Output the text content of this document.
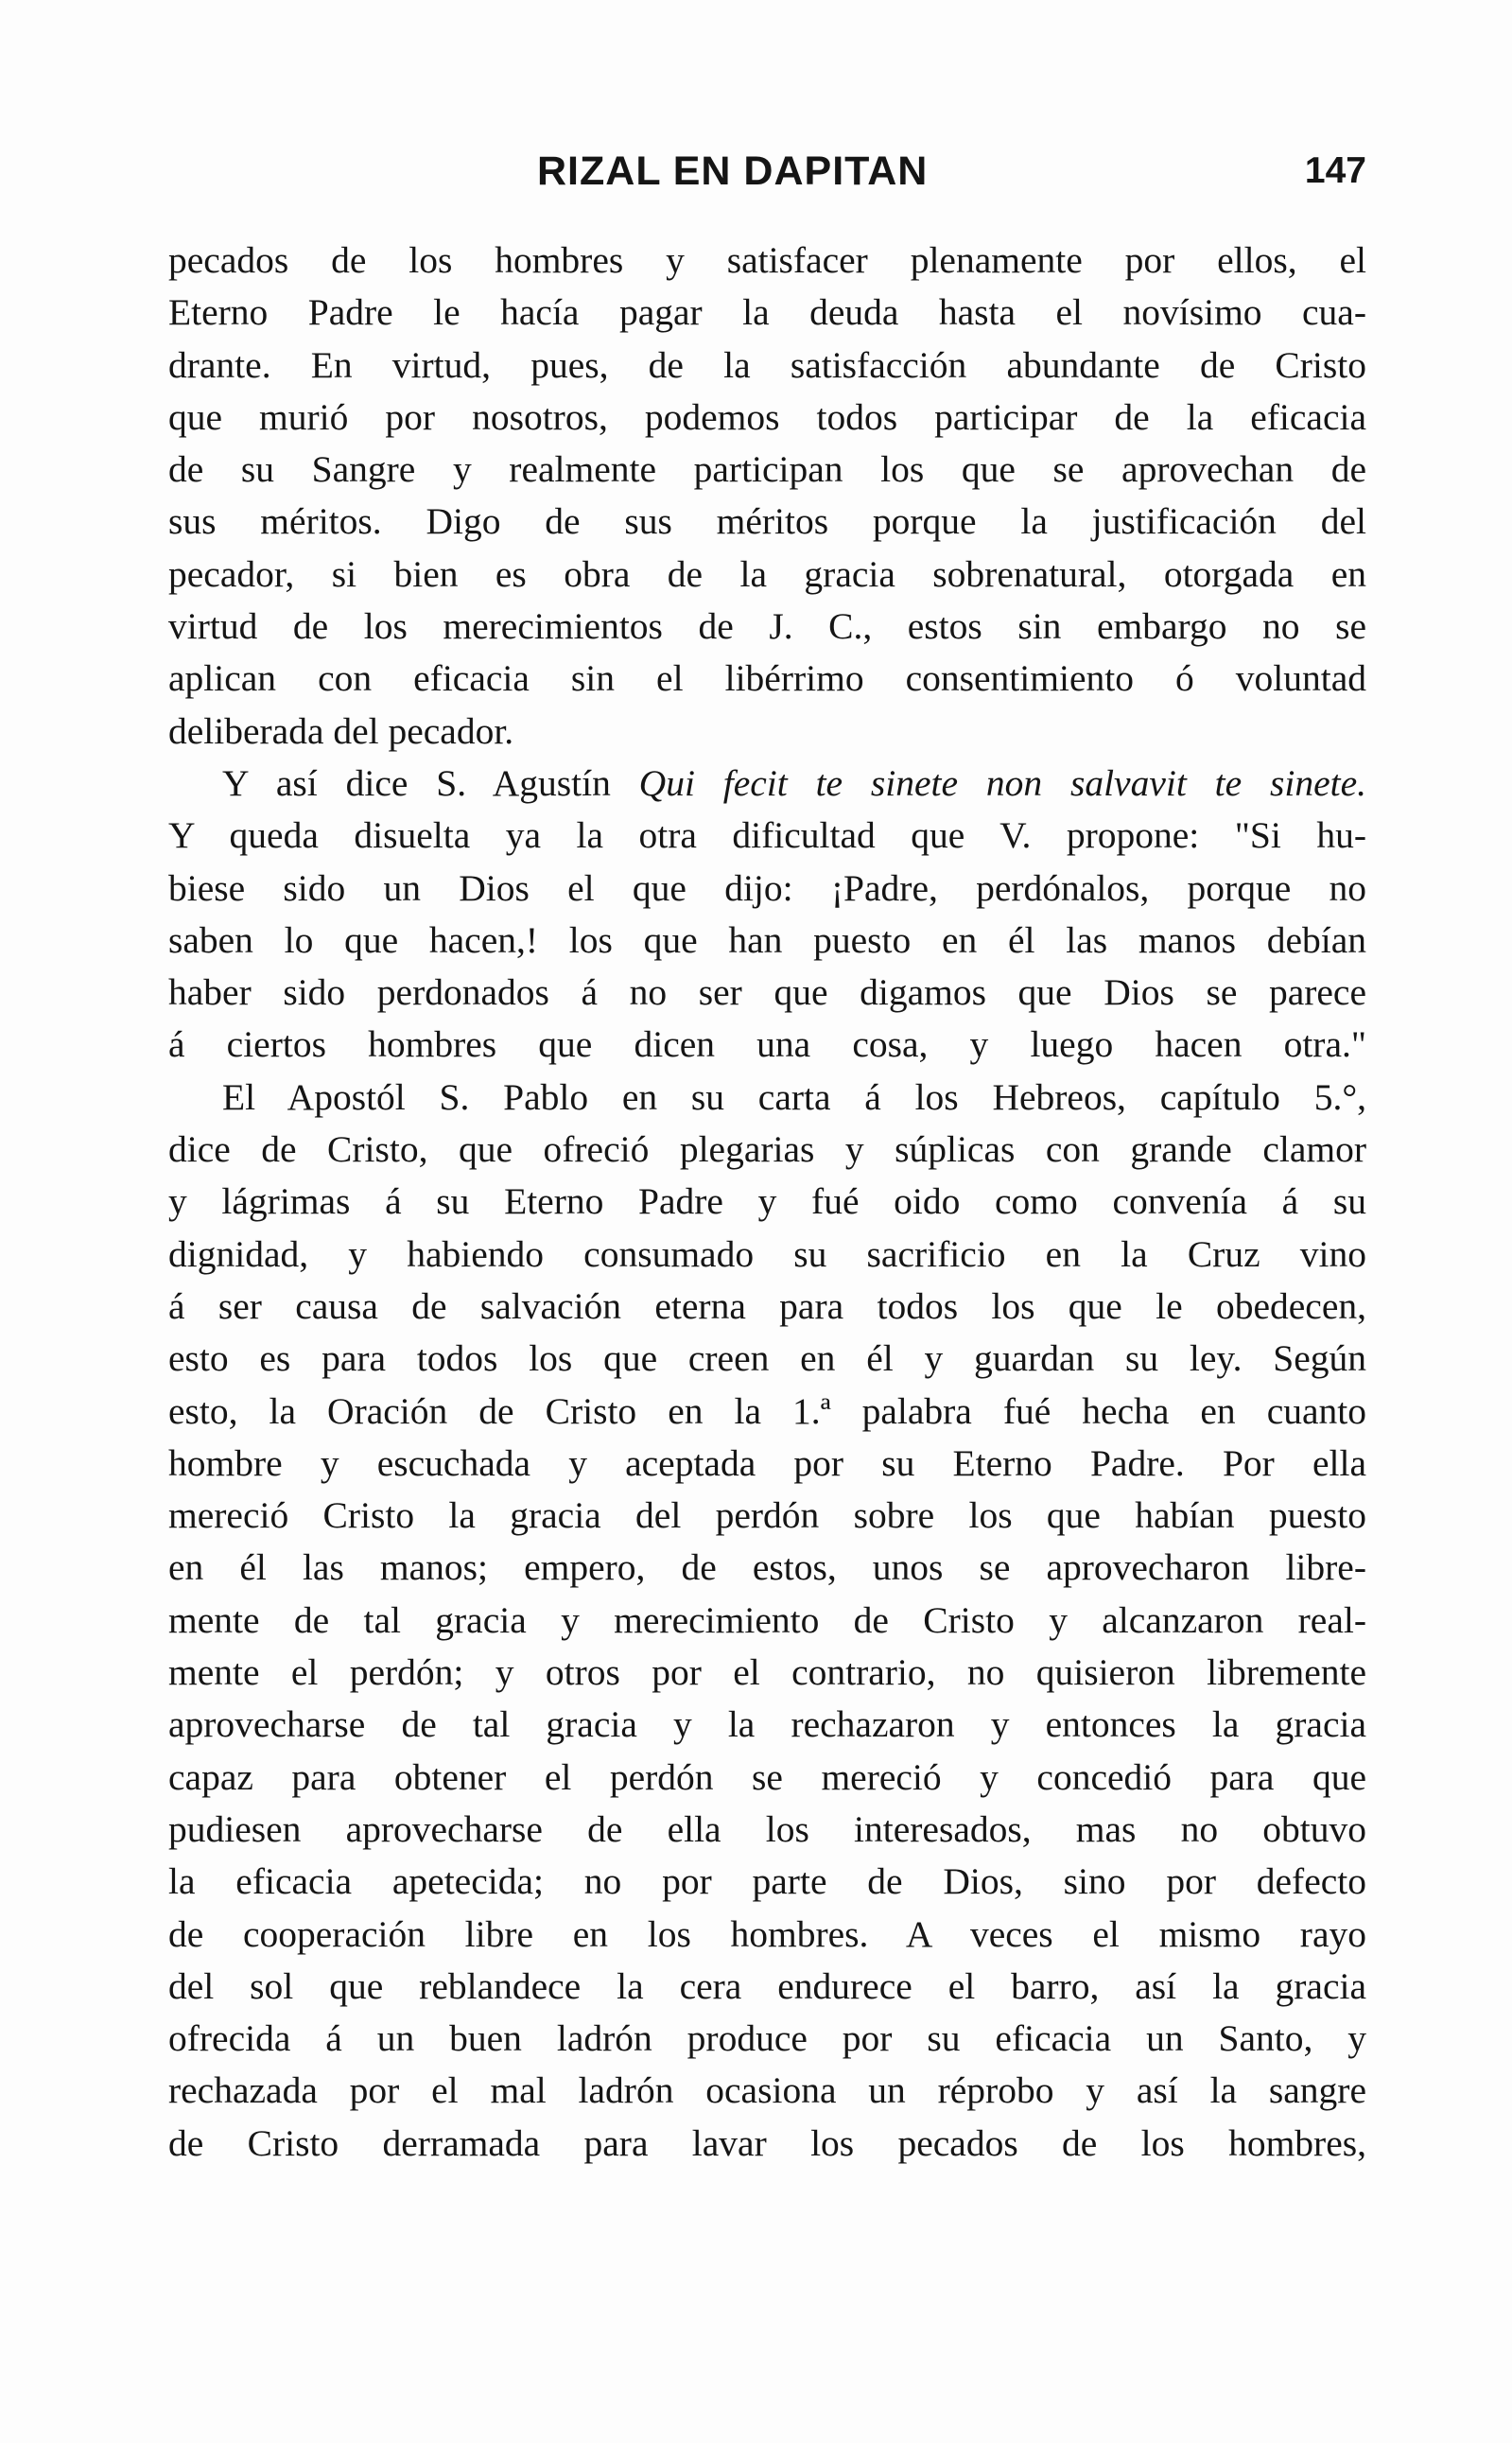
RIZAL EN DAPITAN	147
pecados de los hombres y satisfacer plenamente por ellos, el
Eterno Padre le hacía pagar la deuda hasta el novísimo cua-
drante. En virtud, pues, de la satisfacción abundante de Cristo
que murió por nosotros, podemos todos participar de la eficacia
de su Sangre y realmente participan los que se aprovechan de
sus méritos. Digo de sus méritos porque la justificación del
pecador, si bien es obra de la gracia sobrenatural, otorgada en
virtud de los merecimientos de J. C., estos sin embargo no se
aplican con eficacia sin el libérrimo consentimiento ó voluntad
deliberada del pecador.
Y así dice S. Agustín Qui fecit te sinete non salvavit te sinete.
Y queda disuelta ya la otra dificultad que V. propone: "Si hu-
biese sido un Dios el que dijo: ¡Padre, perdónalos, porque no
saben lo que hacen,! los que han puesto en él las manos debían
haber sido perdonados á no ser que digamos que Dios se parece
á ciertos hombres que dicen una cosa, y luego hacen otra."
El Apostól S. Pablo en su carta á los Hebreos, capítulo 5.°,
dice de Cristo, que ofreció plegarias y súplicas con grande clamor
y lágrimas á su Eterno Padre y fué oido como convenía á su
dignidad, y habiendo consumado su sacrificio en la Cruz vino
á ser causa de salvación eterna para todos los que le obedecen,
esto es para todos los que creen en él y guardan su ley. Según
esto, la Oración de Cristo en la 1.ª palabra fué hecha en cuanto
hombre y escuchada y aceptada por su Eterno Padre. Por ella
mereció Cristo la gracia del perdón sobre los que habían puesto
en él las manos; empero, de estos, unos se aprovecharon libre-
mente de tal gracia y merecimiento de Cristo y alcanzaron real-
mente el perdón; y otros por el contrario, no quisieron libremente
aprovecharse de tal gracia y la rechazaron y entonces la gracia
capaz para obtener el perdón se mereció y concedió para que
pudiesen aprovecharse de ella los interesados, mas no obtuvo
la eficacia apetecida; no por parte de Dios, sino por defecto
de cooperación libre en los hombres. A veces el mismo rayo
del sol que reblandece la cera endurece el barro, así la gracia
ofrecida á un buen ladrón produce por su eficacia un Santo, y
rechazada por el mal ladrón ocasiona un réprobo y así la sangre
de Cristo derramada para lavar los pecados de los hombres,
